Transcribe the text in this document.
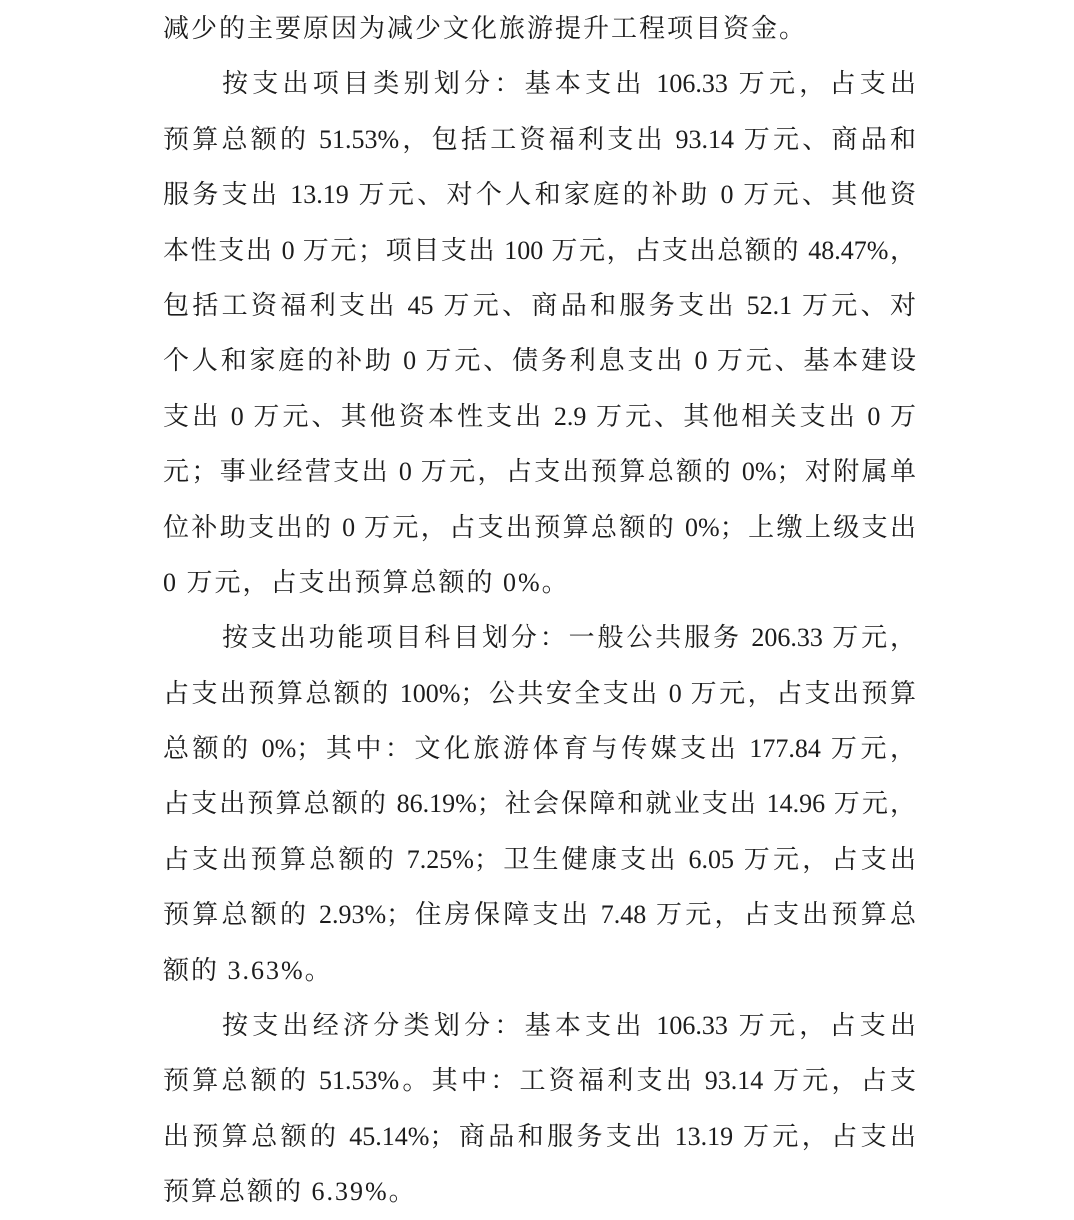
减少的主要原因为减少文化旅游提升工程项目资金。
按支出项目类别划分：基本支出 106.33 万元，占支出
预算总额的 51.53%，包括工资福利支出 93.14 万元、商品和
服务支出 13.19 万元、对个人和家庭的补助 0 万元、其他资
本性支出 0 万元；项目支出 100 万元，占支出总额的 48.47%，
包括工资福利支出 45 万元、商品和服务支出 52.1 万元、对
个人和家庭的补助 0 万元、债务利息支出 0 万元、基本建设
支出 0 万元、其他资本性支出 2.9 万元、其他相关支出 0 万
元；事业经营支出 0 万元，占支出预算总额的 0%；对附属单
位补助支出的 0 万元，占支出预算总额的 0%；上缴上级支出
0 万元，占支出预算总额的 0%。
按支出功能项目科目划分：一般公共服务 206.33 万元，
占支出预算总额的 100%；公共安全支出 0 万元，占支出预算
总额的 0%；其中：文化旅游体育与传媒支出 177.84 万元，
占支出预算总额的 86.19%；社会保障和就业支出 14.96 万元，
占支出预算总额的 7.25%；卫生健康支出 6.05 万元，占支出
预算总额的 2.93%；住房保障支出 7.48 万元，占支出预算总
额的 3.63%。
按支出经济分类划分：基本支出 106.33 万元，占支出
预算总额的 51.53%。其中：工资福利支出 93.14 万元，占支
出预算总额的 45.14%；商品和服务支出 13.19 万元，占支出
预算总额的 6.39%。
